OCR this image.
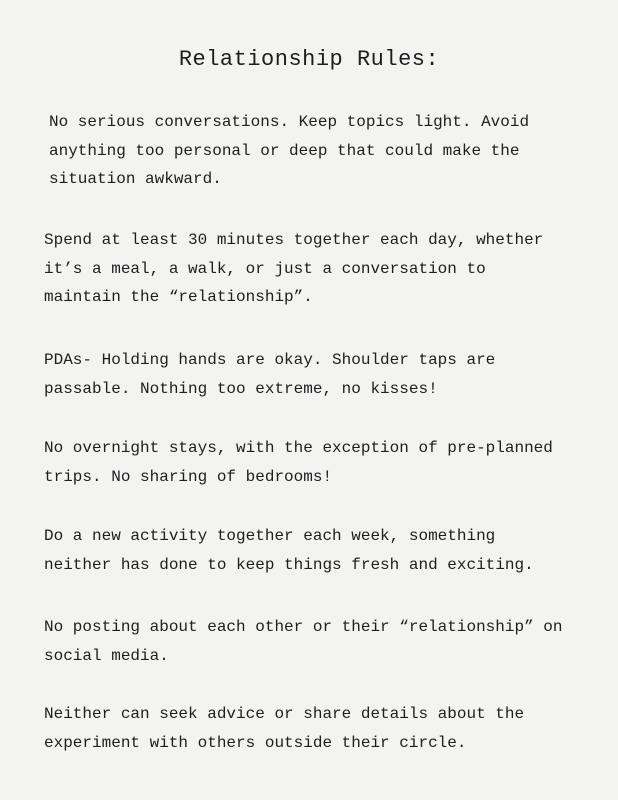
Relationship Rules:

No serious conversations. Keep topics light. Avoid
anything too personal or deep that could make the
situation awkward.

Spend at least 30 minutes together each day, whether
it’s a meal, a walk, or just a conversation to
maintain the “relationship”.

PDAs- Holding hands are okay. Shoulder taps are
passable. Nothing too extreme, no kisses!

No overnight stays, with the exception of pre-planned
trips. No sharing of bedrooms!

Do a new activity together each week, something
neither has done to keep things fresh and exciting.

No posting about each other or their “relationship” on
social media.

Neither can seek advice or share details about the
experiment with others outside their circle.
